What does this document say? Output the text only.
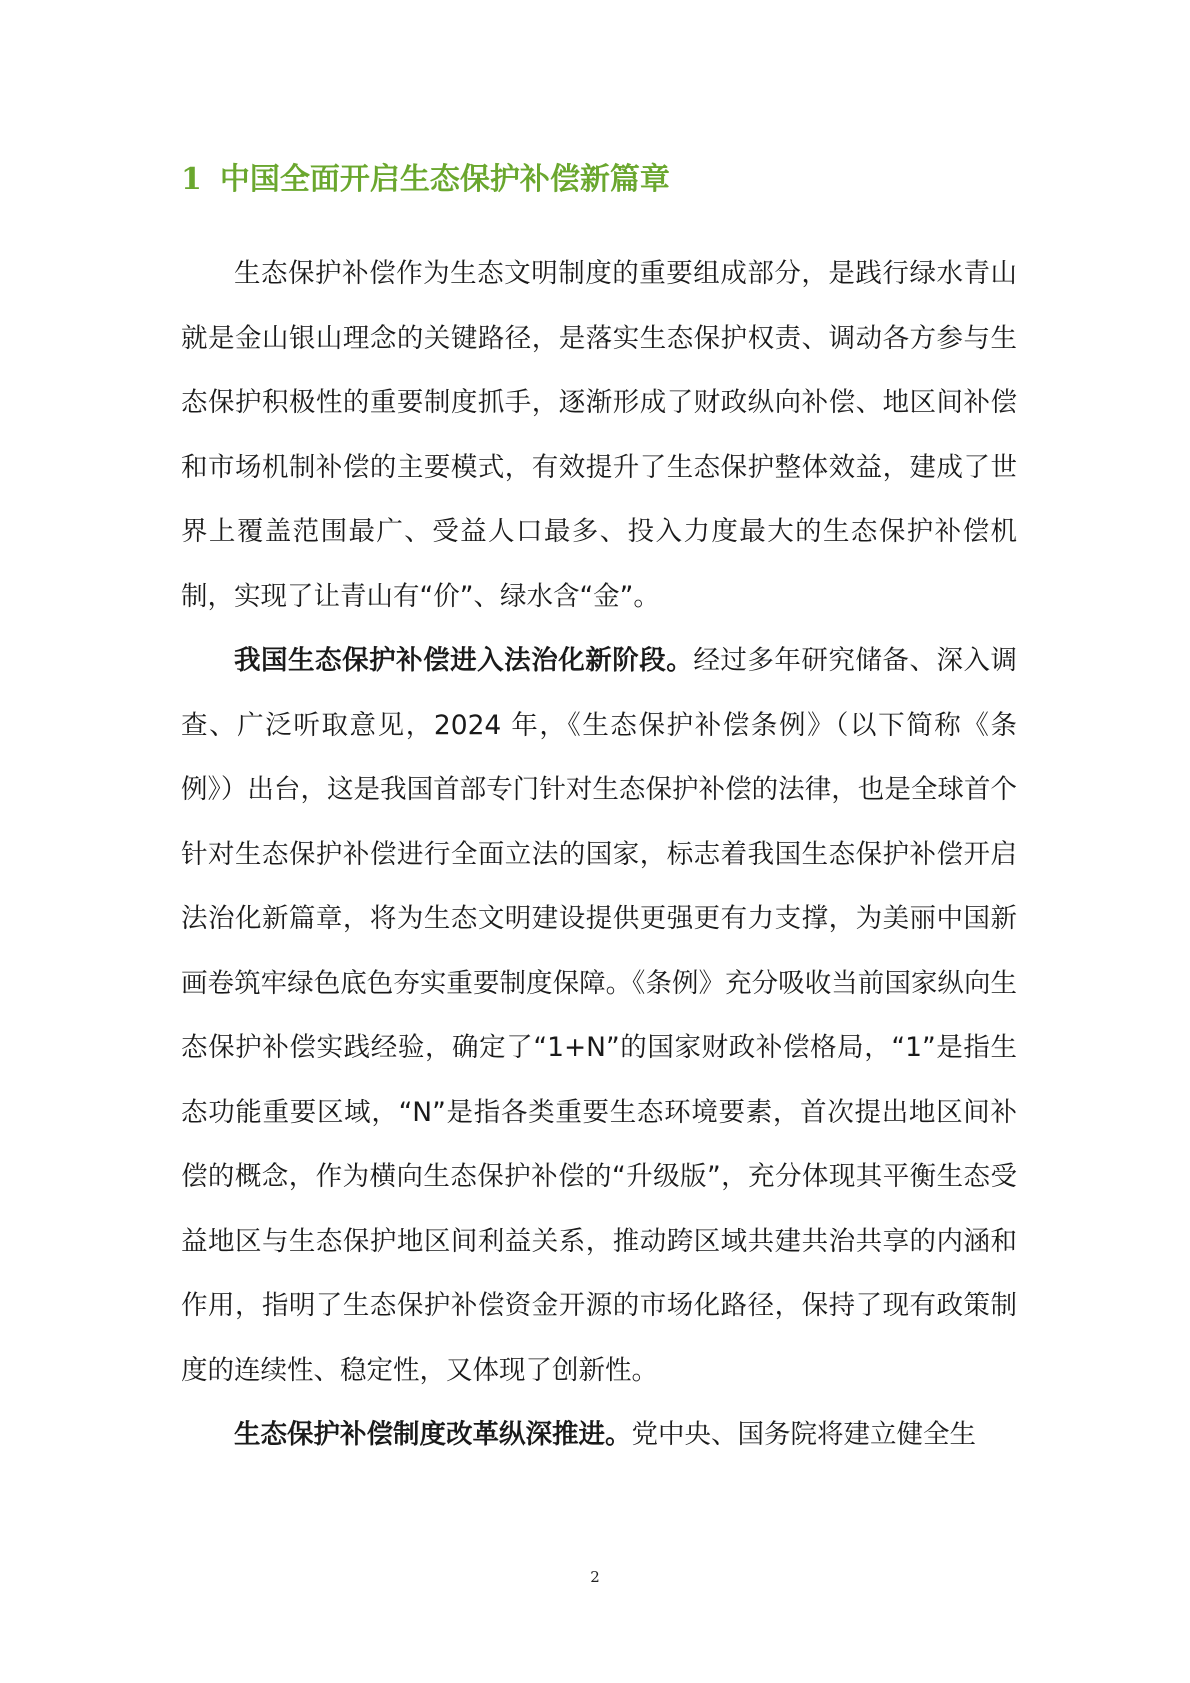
1 中国全面开启生态保护补偿新篇章

生态保护补偿作为生态文明制度的重要组成部分，是践行绿水青山就是金山银山理念的关键路径，是落实生态保护权责、调动各方参与生态保护积极性的重要制度抓手，逐渐形成了财政纵向补偿、地区间补偿和市场机制补偿的主要模式，有效提升了生态保护整体效益，建成了世界上覆盖范围最广、受益人口最多、投入力度最大的生态保护补偿机制，实现了让青山有“价”、绿水含“金”。

我国生态保护补偿进入法治化新阶段。经过多年研究储备、深入调查、广泛听取意见，2024 年，《生态保护补偿条例》（以下简称《条例》）出台，这是我国首部专门针对生态保护补偿的法律，也是全球首个针对生态保护补偿进行全面立法的国家，标志着我国生态保护补偿开启法治化新篇章，将为生态文明建设提供更强更有力支撑，为美丽中国新画卷筑牢绿色底色夯实重要制度保障。《条例》充分吸收当前国家纵向生态保护补偿实践经验，确定了“1+N”的国家财政补偿格局，“1”是指生态功能重要区域，“N”是指各类重要生态环境要素，首次提出地区间补偿的概念，作为横向生态保护补偿的“升级版”，充分体现其平衡生态受益地区与生态保护地区间利益关系，推动跨区域共建共治共享的内涵和作用，指明了生态保护补偿资金开源的市场化路径，保持了现有政策制度的连续性、稳定性，又体现了创新性。

生态保护补偿制度改革纵深推进。党中央、国务院将建立健全生

2
